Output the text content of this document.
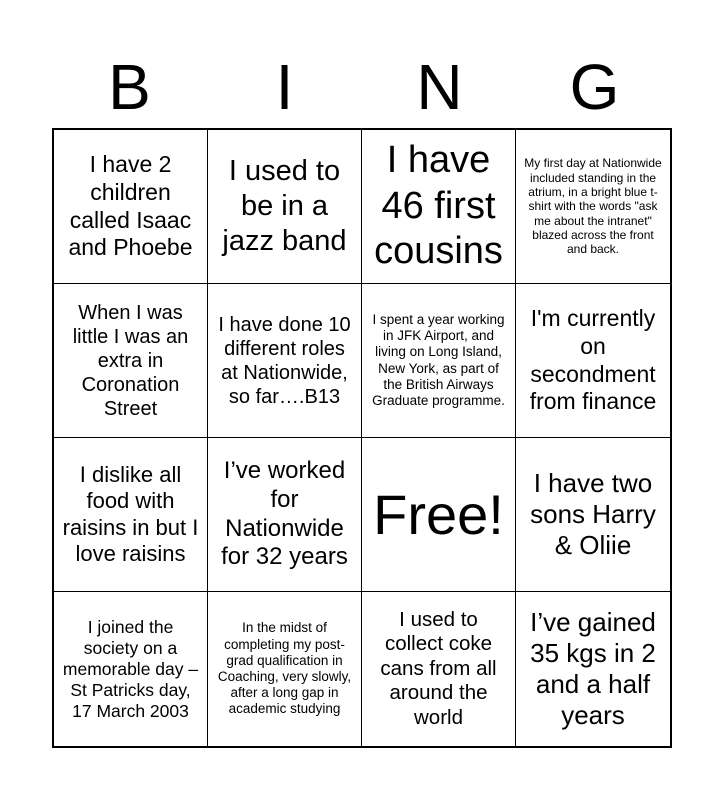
B	I	N	G
I have 2 children called Isaac and Phoebe
I used to be in a jazz band
I have 46 first cousins
My first day at Nationwide included standing in the atrium, in a bright blue t-shirt with the words "ask me about the intranet" blazed across the front and back.
When I was little I was an extra in Coronation Street
I have done 10 different roles at Nationwide, so far….B13
I spent a year working in JFK Airport, and living on Long Island, New York, as part of the British Airways Graduate programme.
I'm currently on secondment from finance
I dislike all food with raisins in but I love raisins
I’ve worked for Nationwide for 32 years
Free!
I have two sons Harry & Oliie
I joined the society on a memorable day – St Patricks day, 17 March 2003
In the midst of completing my post-grad qualification in Coaching, very slowly, after a long gap in academic studying
I used to collect coke cans from all around the world
I’ve gained 35 kgs in 2 and a half years
